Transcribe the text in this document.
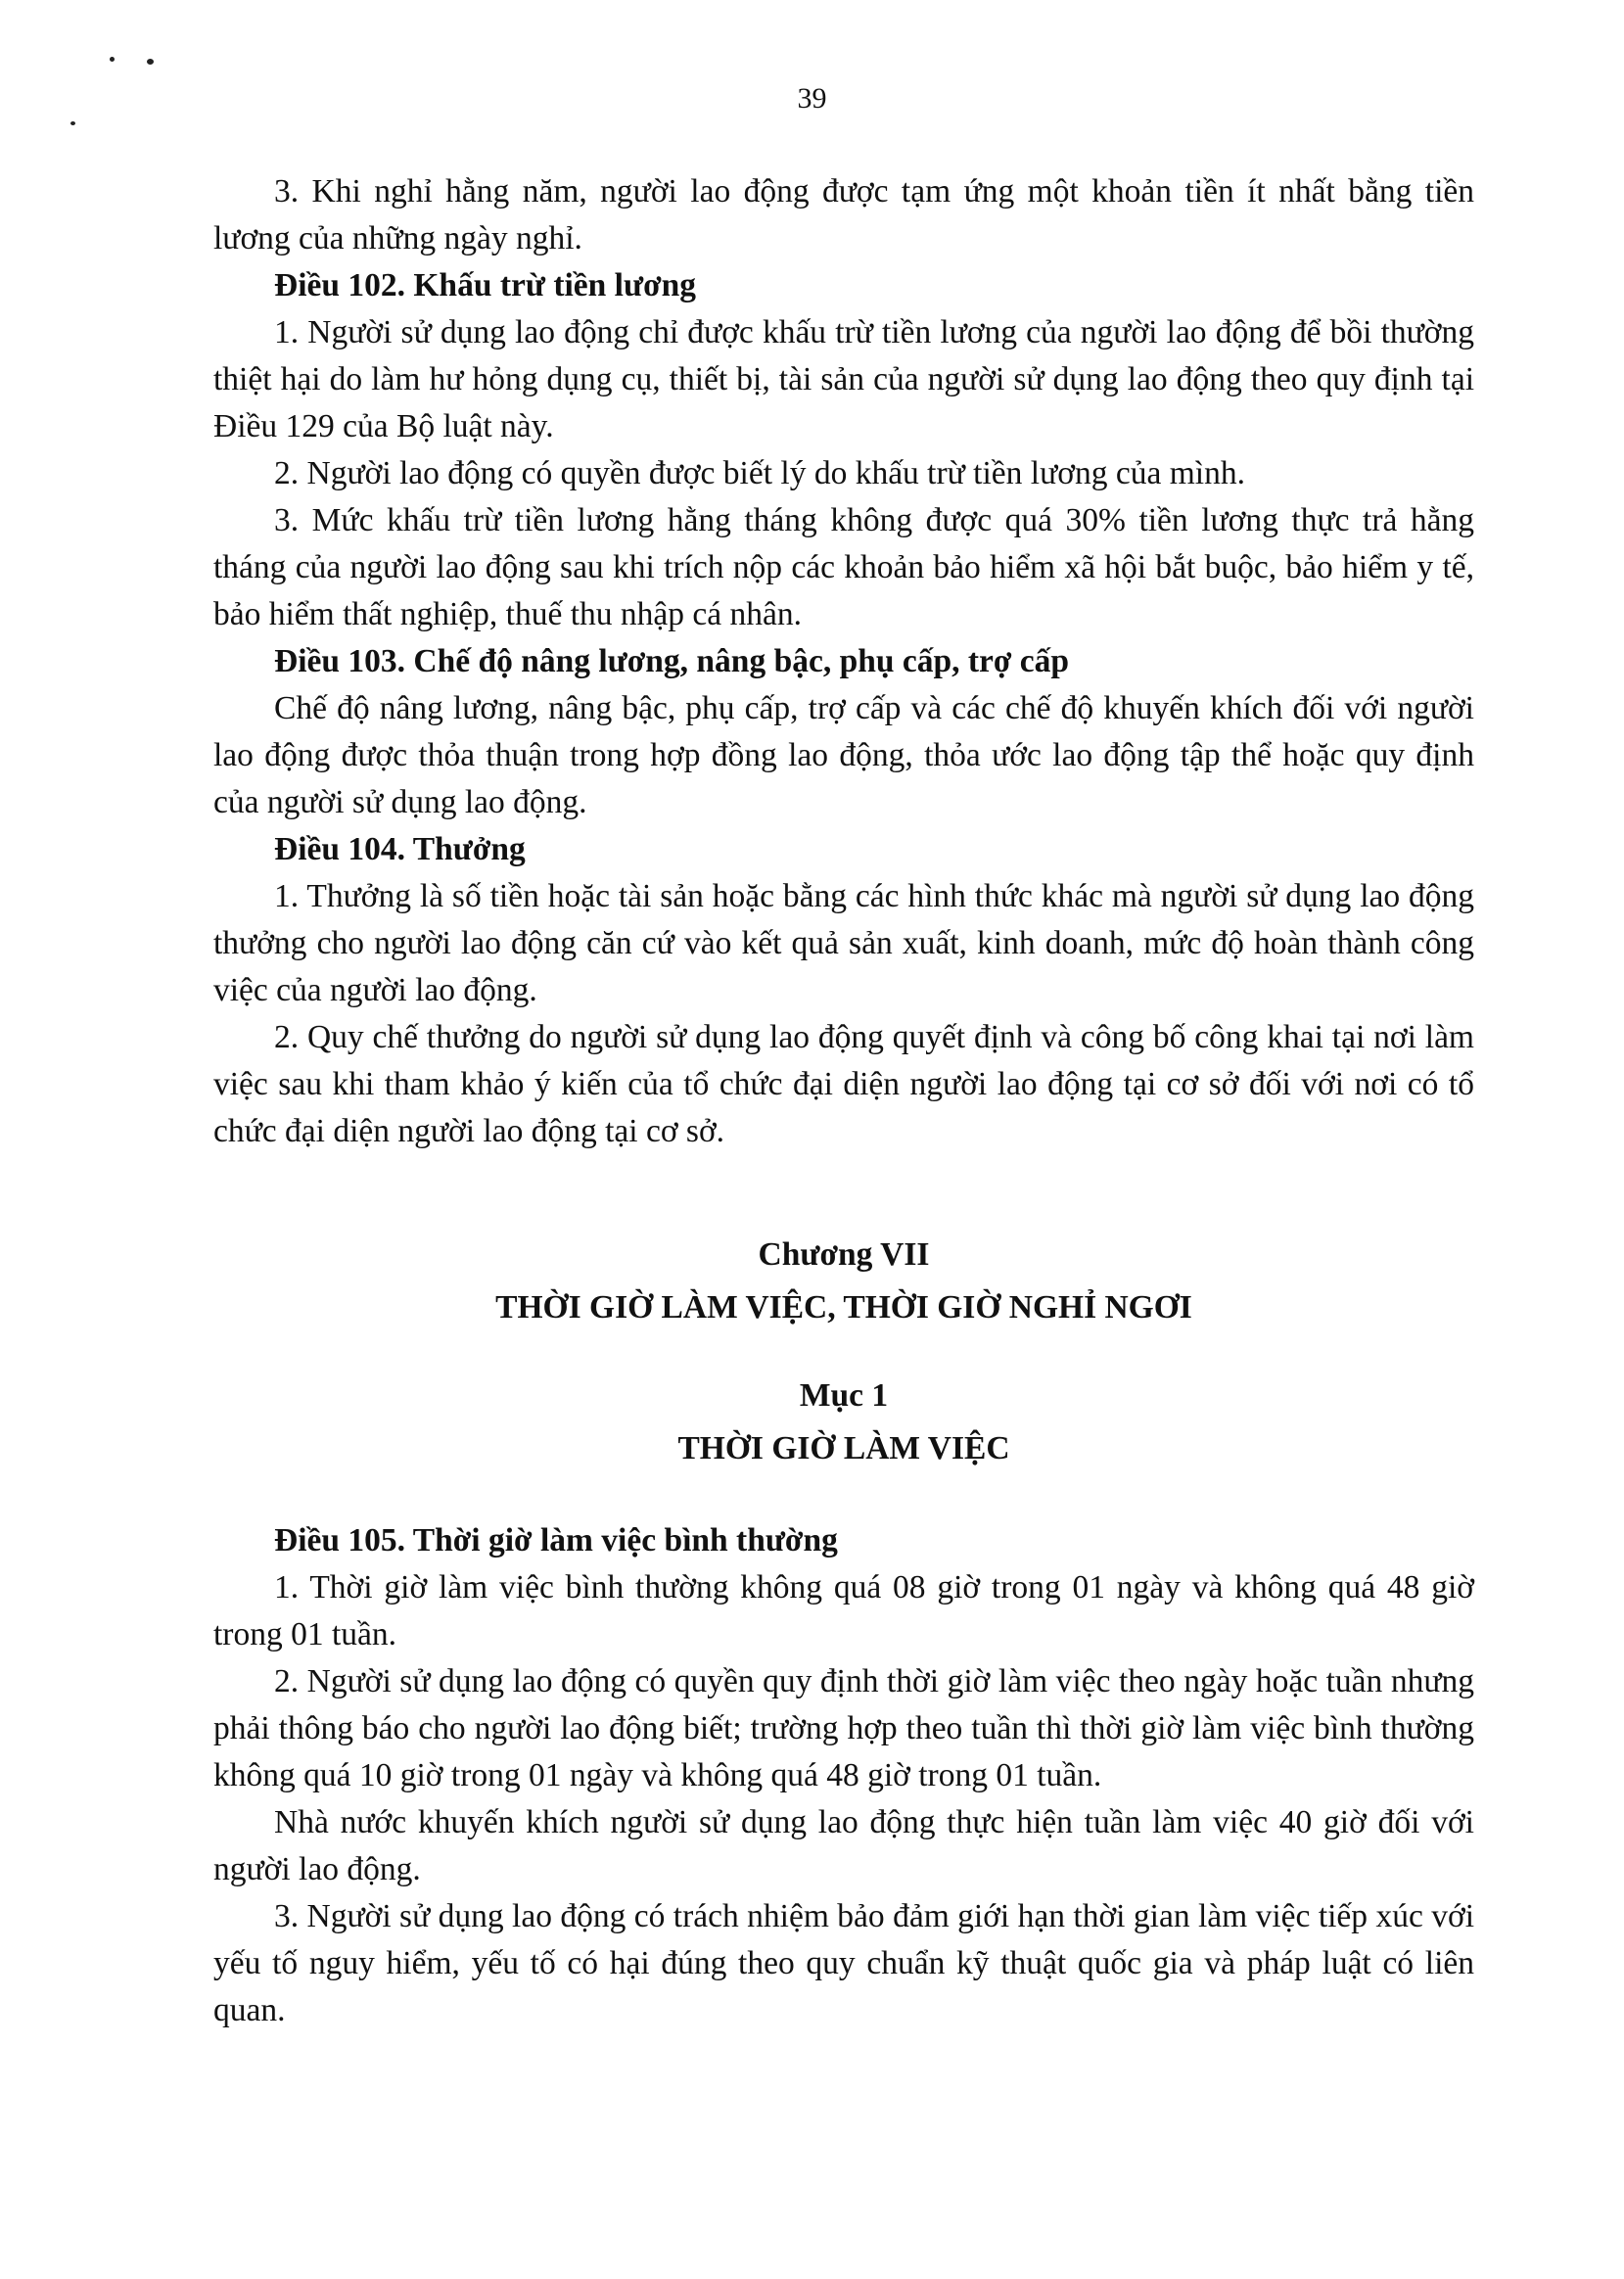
39

3. Khi nghỉ hằng năm, người lao động được tạm ứng một khoản tiền ít nhất bằng tiền lương của những ngày nghỉ.

Điều 102. Khấu trừ tiền lương

1. Người sử dụng lao động chỉ được khấu trừ tiền lương của người lao động để bồi thường thiệt hại do làm hư hỏng dụng cụ, thiết bị, tài sản của người sử dụng lao động theo quy định tại Điều 129 của Bộ luật này.

2. Người lao động có quyền được biết lý do khấu trừ tiền lương của mình.

3. Mức khấu trừ tiền lương hằng tháng không được quá 30% tiền lương thực trả hằng tháng của người lao động sau khi trích nộp các khoản bảo hiểm xã hội bắt buộc, bảo hiểm y tế, bảo hiểm thất nghiệp, thuế thu nhập cá nhân.

Điều 103. Chế độ nâng lương, nâng bậc, phụ cấp, trợ cấp

Chế độ nâng lương, nâng bậc, phụ cấp, trợ cấp và các chế độ khuyến khích đối với người lao động được thỏa thuận trong hợp đồng lao động, thỏa ước lao động tập thể hoặc quy định của người sử dụng lao động.

Điều 104. Thưởng

1. Thưởng là số tiền hoặc tài sản hoặc bằng các hình thức khác mà người sử dụng lao động thưởng cho người lao động căn cứ vào kết quả sản xuất, kinh doanh, mức độ hoàn thành công việc của người lao động.

2. Quy chế thưởng do người sử dụng lao động quyết định và công bố công khai tại nơi làm việc sau khi tham khảo ý kiến của tổ chức đại diện người lao động tại cơ sở đối với nơi có tổ chức đại diện người lao động tại cơ sở.

Chương VII

THỜI GIỜ LÀM VIỆC, THỜI GIỜ NGHỈ NGƠI

Mục 1

THỜI GIỜ LÀM VIỆC

Điều 105. Thời giờ làm việc bình thường

1. Thời giờ làm việc bình thường không quá 08 giờ trong 01 ngày và không quá 48 giờ trong 01 tuần.

2. Người sử dụng lao động có quyền quy định thời giờ làm việc theo ngày hoặc tuần nhưng phải thông báo cho người lao động biết; trường hợp theo tuần thì thời giờ làm việc bình thường không quá 10 giờ trong 01 ngày và không quá 48 giờ trong 01 tuần.

Nhà nước khuyến khích người sử dụng lao động thực hiện tuần làm việc 40 giờ đối với người lao động.

3. Người sử dụng lao động có trách nhiệm bảo đảm giới hạn thời gian làm việc tiếp xúc với yếu tố nguy hiểm, yếu tố có hại đúng theo quy chuẩn kỹ thuật quốc gia và pháp luật có liên quan.
